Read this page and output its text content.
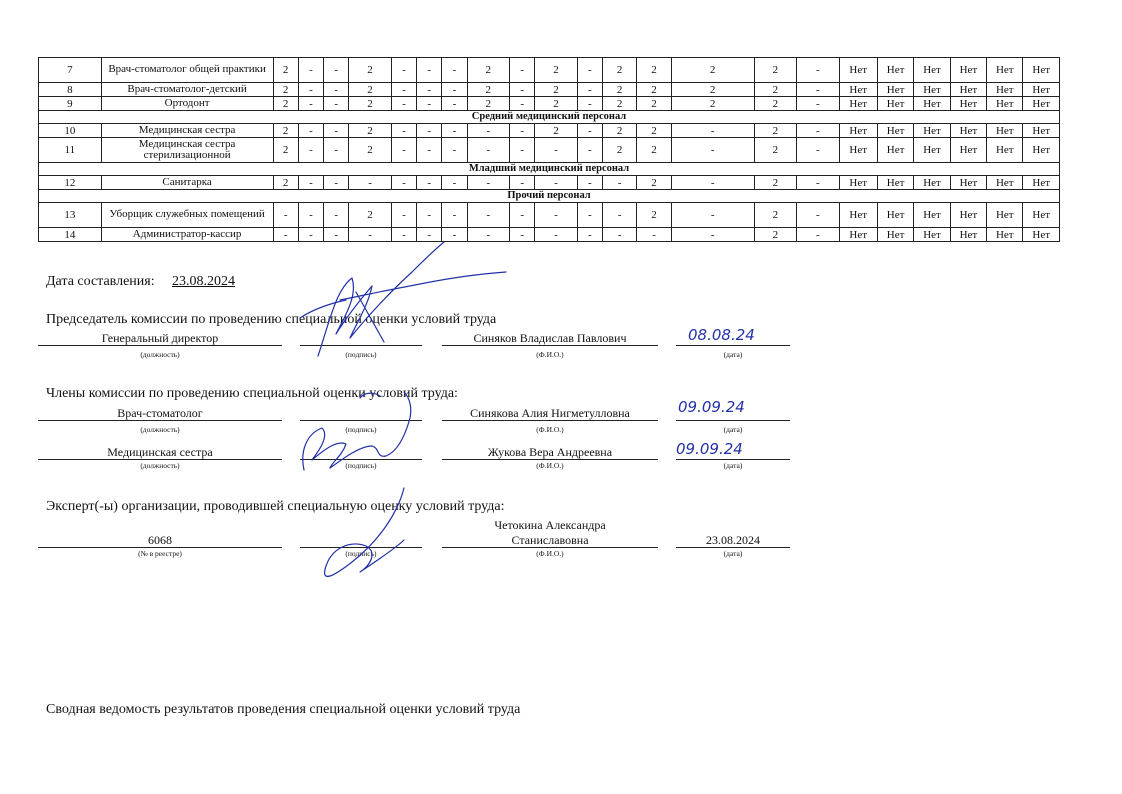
7	Врач-стоматолог общей практики	2	-	-	2	-	-	-	2	-	2	-	2	2	2	2	-	Нет	Нет	Нет	Нет	Нет	Нет
8	Врач-стоматолог-детский	2	-	-	2	-	-	-	2	-	2	-	2	2	2	2	-	Нет	Нет	Нет	Нет	Нет	Нет
9	Ортодонт	2	-	-	2	-	-	-	2	-	2	-	2	2	2	2	-	Нет	Нет	Нет	Нет	Нет	Нет
Средний медицинский персонал																							
10	Медицинская сестра	2	-	-	2	-	-	-	-	-	2	-	2	2	-	2	-	Нет	Нет	Нет	Нет	Нет	Нет
11	Медицинская сестра стерилизационной	2	-	-	2	-	-	-	-	-	-	-	2	2	-	2	-	Нет	Нет	Нет	Нет	Нет	Нет
Младший медицинский персонал																							
12	Санитарка	2	-	-	-	-	-	-	-	-	-	-	-	2	-	2	-	Нет	Нет	Нет	Нет	Нет	Нет
Прочий персонал																							
13	Уборщик служебных помещений	-	-	-	2	-	-	-	-	-	-	-	-	2	-	2	-	Нет	Нет	Нет	Нет	Нет	Нет
14	Администратор-кассир	-	-	-	-	-	-	-	-	-	-	-	-	-	-	2	-	Нет	Нет	Нет	Нет	Нет	Нет
Дата составления: 23.08.2024
Председатель комиссии по проведению специальной оценки условий труда
Генеральный директор	Синяков Владислав Павлович	08.08.24
(должность)	(подпись)	(Ф.И.О.)	(дата)
Члены комиссии по проведению специальной оценки условий труда:
Врач-стоматолог	Синякова Алия Нигметулловна	09.09.24
(должность)	(подпись)	(Ф.И.О.)	(дата)
Медицинская сестра	Жукова Вера Андреевна	09.09.24
(должность)	(подпись)	(Ф.И.О.)	(дата)
Эксперт(-ы) организации, проводившей специальную оценку условий труда:
6068
Четокина Александра
Станиславовна	23.08.2024
(№ в реестре)	(подпись)	(Ф.И.О.)	(дата)
Сводная ведомость результатов проведения специальной оценки условий труда
